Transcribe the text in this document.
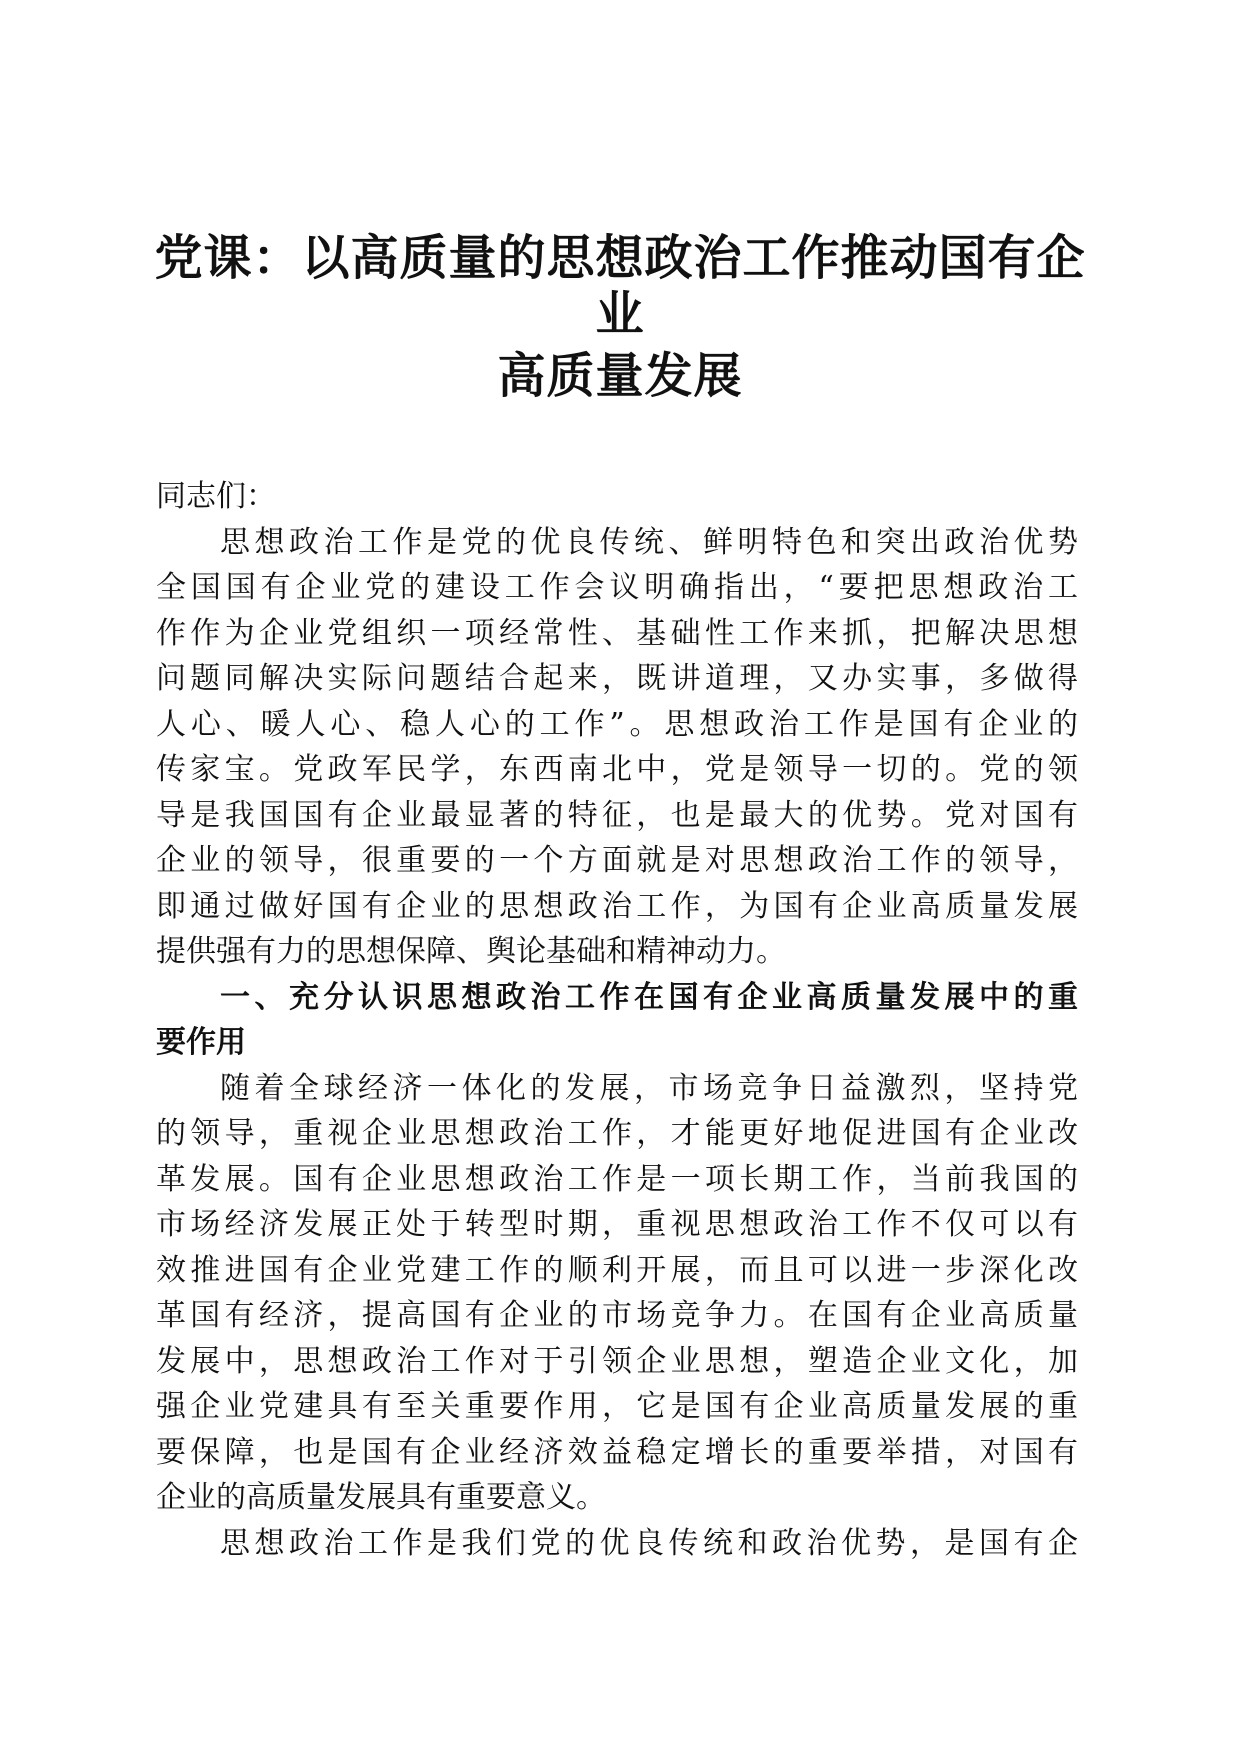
党课：以高质量的思想政治工作推动国有企业
高质量发展
同志们：
思想政治工作是党的优良传统、鲜明特色和突出政治优势
全国国有企业党的建设工作会议明确指出，“要把思想政治工
作作为企业党组织一项经常性、基础性工作来抓，把解决思想
问题同解决实际问题结合起来，既讲道理，又办实事，多做得
人心、暖人心、稳人心的工作”。思想政治工作是国有企业的
传家宝。党政军民学，东西南北中，党是领导一切的。党的领
导是我国国有企业最显著的特征，也是最大的优势。党对国有
企业的领导，很重要的一个方面就是对思想政治工作的领导，
即通过做好国有企业的思想政治工作，为国有企业高质量发展
提供强有力的思想保障、舆论基础和精神动力。
一、充分认识思想政治工作在国有企业高质量发展中的重
要作用
随着全球经济一体化的发展，市场竞争日益激烈，坚持党
的领导，重视企业思想政治工作，才能更好地促进国有企业改
革发展。国有企业思想政治工作是一项长期工作，当前我国的
市场经济发展正处于转型时期，重视思想政治工作不仅可以有
效推进国有企业党建工作的顺利开展，而且可以进一步深化改
革国有经济，提高国有企业的市场竞争力。在国有企业高质量
发展中，思想政治工作对于引领企业思想，塑造企业文化，加
强企业党建具有至关重要作用，它是国有企业高质量发展的重
要保障，也是国有企业经济效益稳定增长的重要举措，对国有
企业的高质量发展具有重要意义。
思想政治工作是我们党的优良传统和政治优势，是国有企
